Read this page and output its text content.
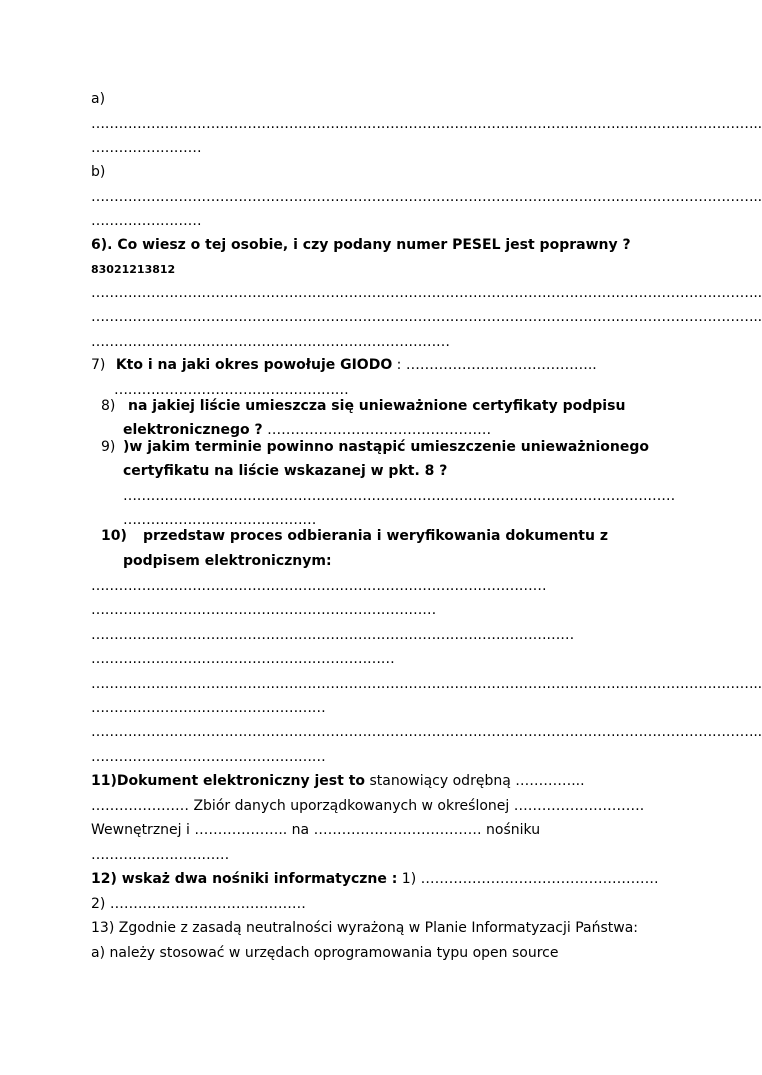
a)
………………………………………………………………………………………………………………………………..
……………………
b)
………………………………………………………………………………………………………………………………..
……………………
6). Co wiesz o tej osobie, i czy podany numer PESEL jest poprawny ?
83021213812
………………………………………………………………………………………………………………………………..
………………………………………………………………………………………………………………………………..
……………………………………………………………………
7) Kto i na jaki okres powołuje GIODO : …………………………………..
……………………………………………
8) na jakiej liście umieszcza się unieważnione certyfikaty podpisu
elektronicznego ? …………………………………………
9) )w jakim terminie powinno nastąpić umieszczenie unieważnionego
certyfikatu na liście wskazanej w pkt. 8 ?
…………………………………………………………………………………………………………
……………………………………
10) przedstaw proces odbierania i weryfikowania dokumentu z
podpisem elektronicznym:
………………………………………………………………………………………
…………………………………………………………………
……………………………………………………………………………………………
…………………………………………………………
………………………………………………………………………………………………………………………………..
……………………………………………
………………………………………………………………………………………………………………………………..
……………………………………………
11)Dokument elektroniczny jest to stanowiący odrębną …………...
………………… Zbiór danych uporządkowanych w określonej ……………………….
Wewnętrznej i ……………….. na ……………………………… nośniku
…………………………
12) wskaż dwa nośniki informatyczne : 1) ……………………………………………
2) ……………………………………
13) Zgodnie z zasadą neutralności wyrażoną w Planie Informatyzacji Państwa:
a) należy stosować w urzędach oprogramowania typu open source
